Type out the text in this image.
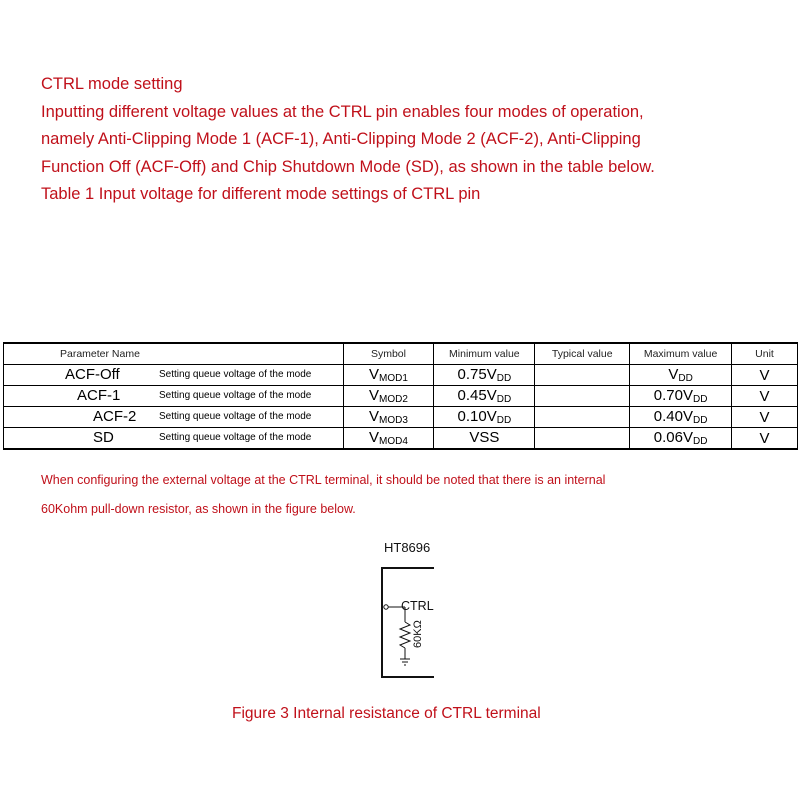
CTRL mode setting

Inputting different voltage values at the CTRL pin enables four modes of operation,

namely Anti-Clipping Mode 1 (ACF-1), Anti-Clipping Mode 2 (ACF-2), Anti-Clipping

Function Off (ACF-Off) and Chip Shutdown Mode (SD), as shown in the table below.

Table 1 Input voltage for different mode settings of CTRL pin

Parameter Name	Symbol	Minimum value	Typical value	Maximum value	Unit

ACF-Off Setting queue voltage of the mode	$V_{MOD1}$	$0.75V_{DD}$		$V_{DD}$	V

ACF-1 Setting queue voltage of the mode	$V_{MOD2}$	$0.45V_{DD}$		$0.70V_{DD}$	V

ACF-2 Setting queue voltage of the mode	$V_{MOD3}$	$0.10V_{DD}$		$0.40V_{DD}$	V

SD Setting queue voltage of the mode	$V_{MOD4}$	VSS		$0.06V_{DD}$	V

When configuring the external voltage at the CTRL terminal, it should be noted that there is an internal

60Kohm pull-down resistor, as shown in the figure below.

HT8696
CTRL
60KΩ
Figure 3 Internal resistance of CTRL terminal
